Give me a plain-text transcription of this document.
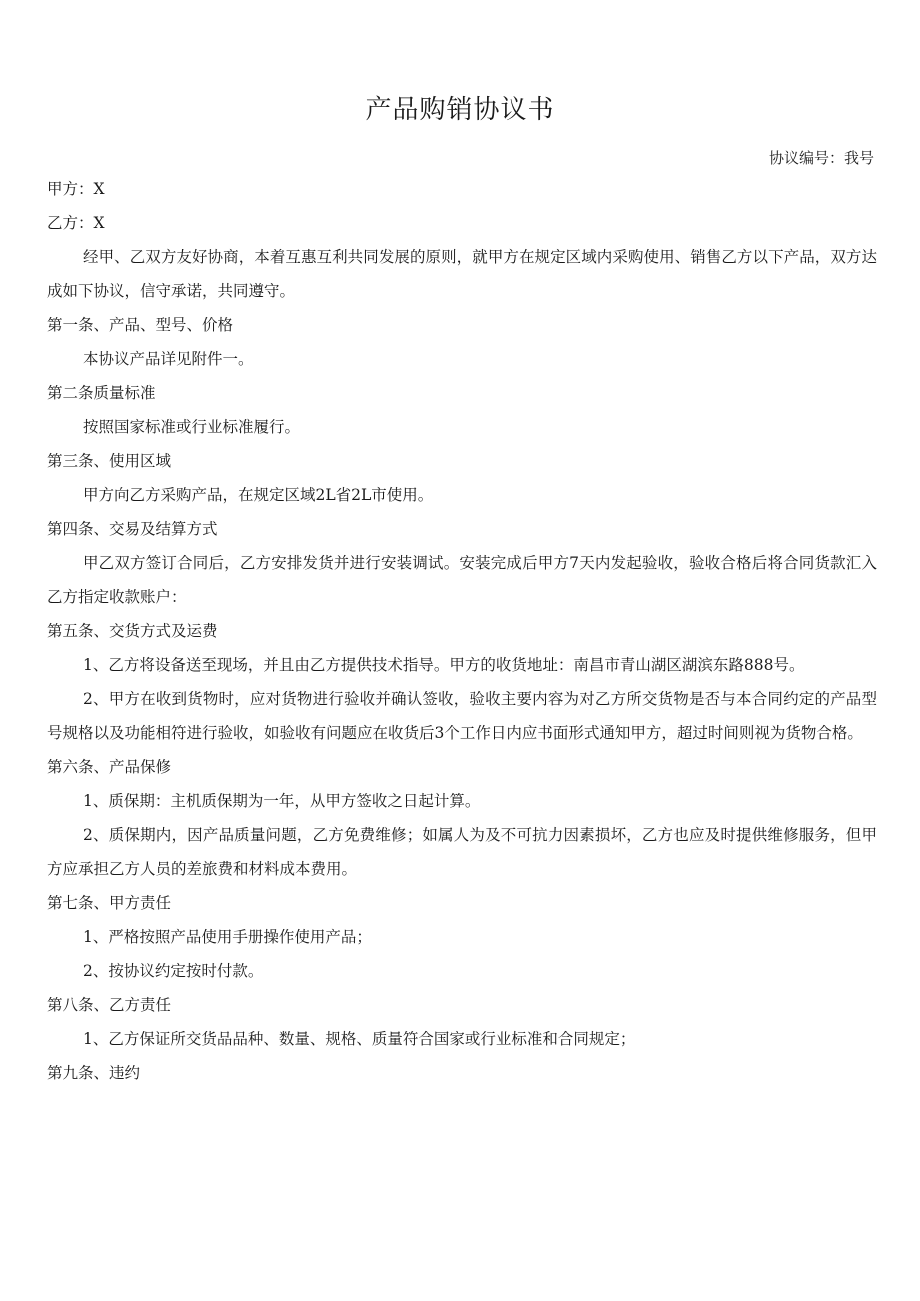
产品购销协议书
协议编号：我号

甲方：X

乙方：X

经甲、乙双方友好协商，本着互惠互利共同发展的原则，就甲方在规定区域内采购使用、销售乙方以下产品，双方达成如下协议，信守承诺，共同遵守。

第一条、产品、型号、价格

本协议产品详见附件一。

第二条质量标准

按照国家标准或行业标准履行。

第三条、使用区域

甲方向乙方采购产品，在规定区域2L省2L市使用。

第四条、交易及结算方式

甲乙双方签订合同后，乙方安排发货并进行安装调试。安装完成后甲方7天内发起验收，验收合格后将合同货款汇入乙方指定收款账户：

第五条、交货方式及运费

1、乙方将设备送至现场，并且由乙方提供技术指导。甲方的收货地址：南昌市青山湖区湖滨东路888号。

2、甲方在收到货物时，应对货物进行验收并确认签收，验收主要内容为对乙方所交货物是否与本合同约定的产品型号规格以及功能相符进行验收，如验收有问题应在收货后3个工作日内应书面形式通知甲方，超过时间则视为货物合格。

第六条、产品保修

1、质保期：主机质保期为一年，从甲方签收之日起计算。

2、质保期内，因产品质量问题，乙方免费维修；如属人为及不可抗力因素损坏，乙方也应及时提供维修服务，但甲方应承担乙方人员的差旅费和材料成本费用。

第七条、甲方责任

1、严格按照产品使用手册操作使用产品；

2、按协议约定按时付款。

第八条、乙方责任

1、乙方保证所交货品品种、数量、规格、质量符合国家或行业标准和合同规定；

第九条、违约
